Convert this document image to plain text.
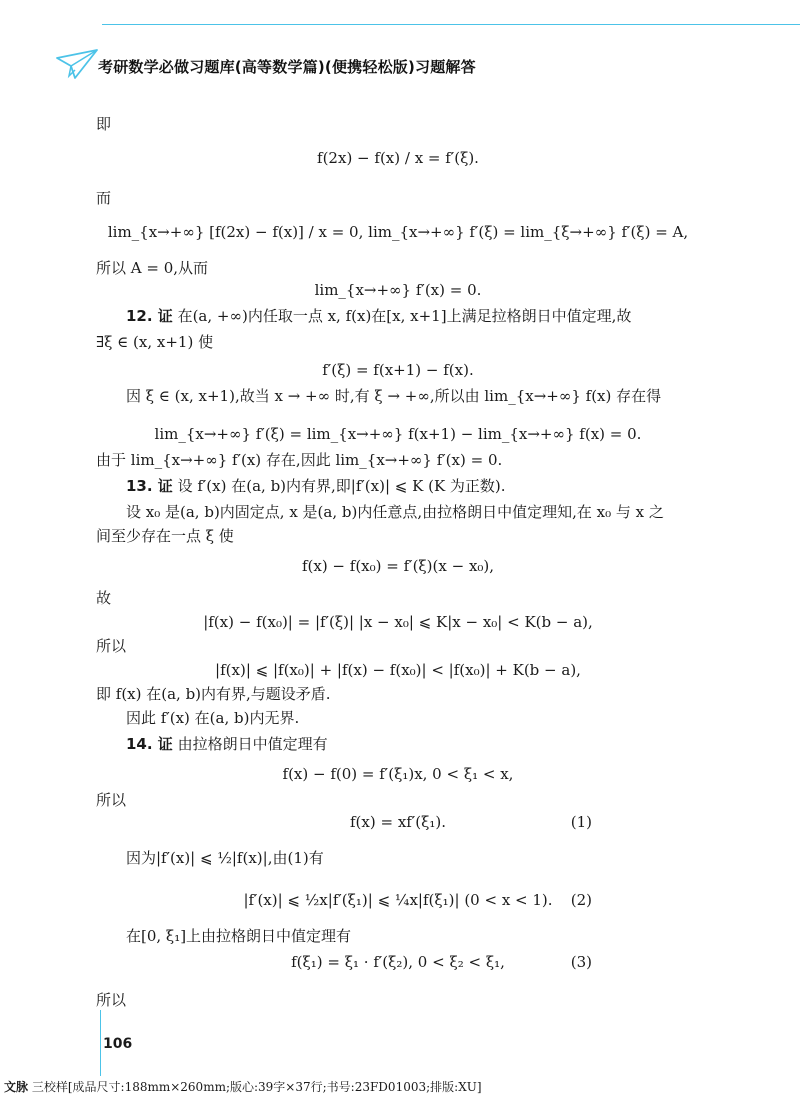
考研数学必做习题库(高等数学篇)(便携轻松版)习题解答
即
f(2x) − f(x) / x = f′(ξ).
而
lim_{x→+∞} [f(2x) − f(x)] / x = 0, lim_{x→+∞} f′(ξ) = lim_{ξ→+∞} f′(ξ) = A,
所以 A = 0,从而
lim_{x→+∞} f′(x) = 0.
12. 证 在(a, +∞)内任取一点 x, f(x)在[x, x+1]上满足拉格朗日中值定理,故
∃ξ ∈ (x, x+1) 使
f′(ξ) = f(x+1) − f(x).
因 ξ ∈ (x, x+1),故当 x → +∞ 时,有 ξ → +∞,所以由 lim_{x→+∞} f(x) 存在得
lim_{x→+∞} f′(ξ) = lim_{x→+∞} f(x+1) − lim_{x→+∞} f(x) = 0.
由于 lim_{x→+∞} f′(x) 存在,因此 lim_{x→+∞} f′(x) = 0.
13. 证 设 f′(x) 在(a, b)内有界,即|f′(x)| ⩽ K (K 为正数).
设 x₀ 是(a, b)内固定点, x 是(a, b)内任意点,由拉格朗日中值定理知,在 x₀ 与 x 之
间至少存在一点 ξ 使
f(x) − f(x₀) = f′(ξ)(x − x₀),
故
|f(x) − f(x₀)| = |f′(ξ)| |x − x₀| ⩽ K|x − x₀| < K(b − a),
所以
|f(x)| ⩽ |f(x₀)| + |f(x) − f(x₀)| < |f(x₀)| + K(b − a),
即 f(x) 在(a, b)内有界,与题设矛盾.
因此 f′(x) 在(a, b)内无界.
14. 证 由拉格朗日中值定理有
f(x) − f(0) = f′(ξ₁)x, 0 < ξ₁ < x,
所以
f(x) = xf′(ξ₁).	(1)
因为|f′(x)| ⩽ ½|f(x)|,由(1)有
|f′(x)| ⩽ ½x|f′(ξ₁)| ⩽ ¼x|f(ξ₁)| (0 < x < 1). (2)
在[0, ξ₁]上由拉格朗日中值定理有
f(ξ₁) = ξ₁ · f′(ξ₂), 0 < ξ₂ < ξ₁,	(3)
所以
106
文脉 三校样[成品尺寸:188mm×260mm;版心:39字×37行;书号:23FD01003;排版:XU]
